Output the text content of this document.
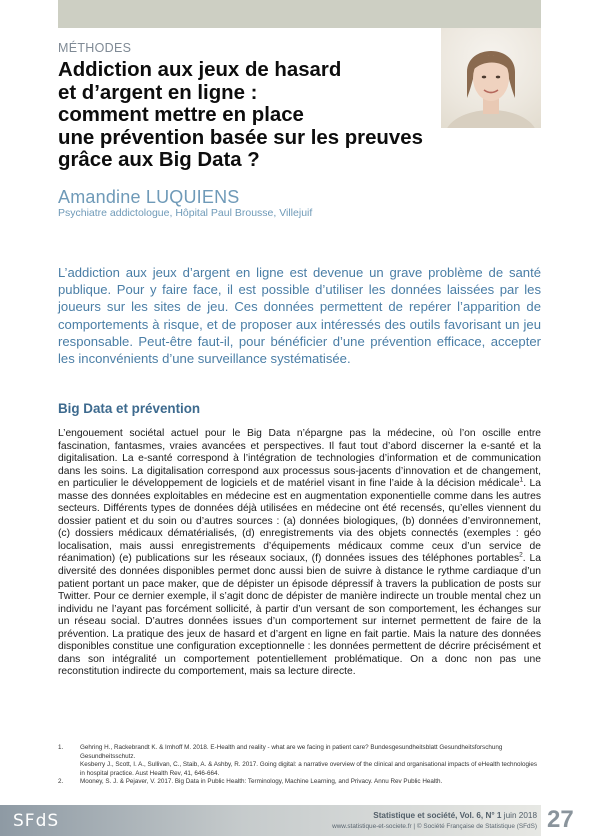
MÉTHODES
Addiction aux jeux de hasard
et d’argent en ligne :
comment mettre en place
une prévention basée sur les preuves
grâce aux Big Data ?
Amandine LUQUIENS
Psychiatre addictologue, Hôpital Paul Brousse, Villejuif

L’addiction aux jeux d’argent en ligne est devenue un grave problème de santé publique. Pour y faire face, il est possible d’utiliser les données laissées par les joueurs sur les sites de jeu. Ces données permettent de repérer l’apparition de comportements à risque, et de proposer aux intéressés des outils favorisant un jeu responsable. Peut-être faut-il, pour bénéficier d’une prévention efficace, accepter les inconvénients d’une surveillance systématisée.

Big Data et prévention

L’engouement sociétal actuel pour le Big Data n’épargne pas la médecine, où l’on oscille entre fascination, fantasmes, vraies avancées et perspectives. Il faut tout d’abord discerner la e-santé et la digitalisation. La e-santé correspond à l’intégration de technologies d’information et de communication dans les soins. La digitalisation correspond aux processus sous-jacents d’innovation et de changement, en particulier le développement de logiciels et de matériel visant in fine l’aide à la décision médicale$^1$. La masse des données exploitables en médecine est en augmentation exponentielle comme dans les autres secteurs. Différents types de données déjà utilisées en médecine ont été recensés, qu’elles viennent du dossier patient et du soin ou d’autres sources : (a) données biologiques, (b) données d’environnement, (c) dossiers médicaux dématérialisés, (d) enregistrements via des objets connectés (exemples : géo localisation, mais aussi enregistrements d’équipements médicaux comme ceux d’un service de réanimation) (e) publications sur les réseaux sociaux, (f) données issues des téléphones portables$^2$. La diversité des données disponibles permet donc aussi bien de suivre à distance le rythme cardiaque d’un patient portant un pace maker, que de dépister un épisode dépressif à travers la publication de posts sur Twitter. Pour ce dernier exemple, il s’agit donc de dépister de manière indirecte un trouble mental chez un individu ne l’ayant pas forcément sollicité, à partir d’un versant de son comportement, les échanges sur un réseau social. D’autres données issues d’un comportement sur internet permettent de faire de la prévention. La pratique des jeux de hasard et d’argent en ligne en fait partie. Mais la nature des données disponibles constitue une configuration exceptionnelle : les données permettent de décrire précisément et dans son intégralité un comportement potentiellement problématique. On a donc non pas une reconstitution indirecte du comportement, mais sa lecture directe.

1.	Gehring H., Rackebrandt K. & Imhoff M. 2018. E-Health and reality - what are we facing in patient care? Bundesgesundheitsblatt Gesundheitsforschung Gesundheitsschutz.
Kesberry J., Scott, I. A., Sullivan, C., Staib, A. & Ashby, R. 2017. Going digital: a narrative overview of the clinical and organisational impacts of eHealth technologies in hospital practice. Aust Health Rev, 41, 646-664.
2.	Mooney, S. J. & Pejaver, V. 2017. Big Data in Public Health: Terminology, Machine Learning, and Privacy. Annu Rev Public Health.
SFdS	Statistique et société, Vol. 6, N° 1 juin 2018
www.statistique-et-societe.fr | © Société Française de Statistique (SFdS) 27
